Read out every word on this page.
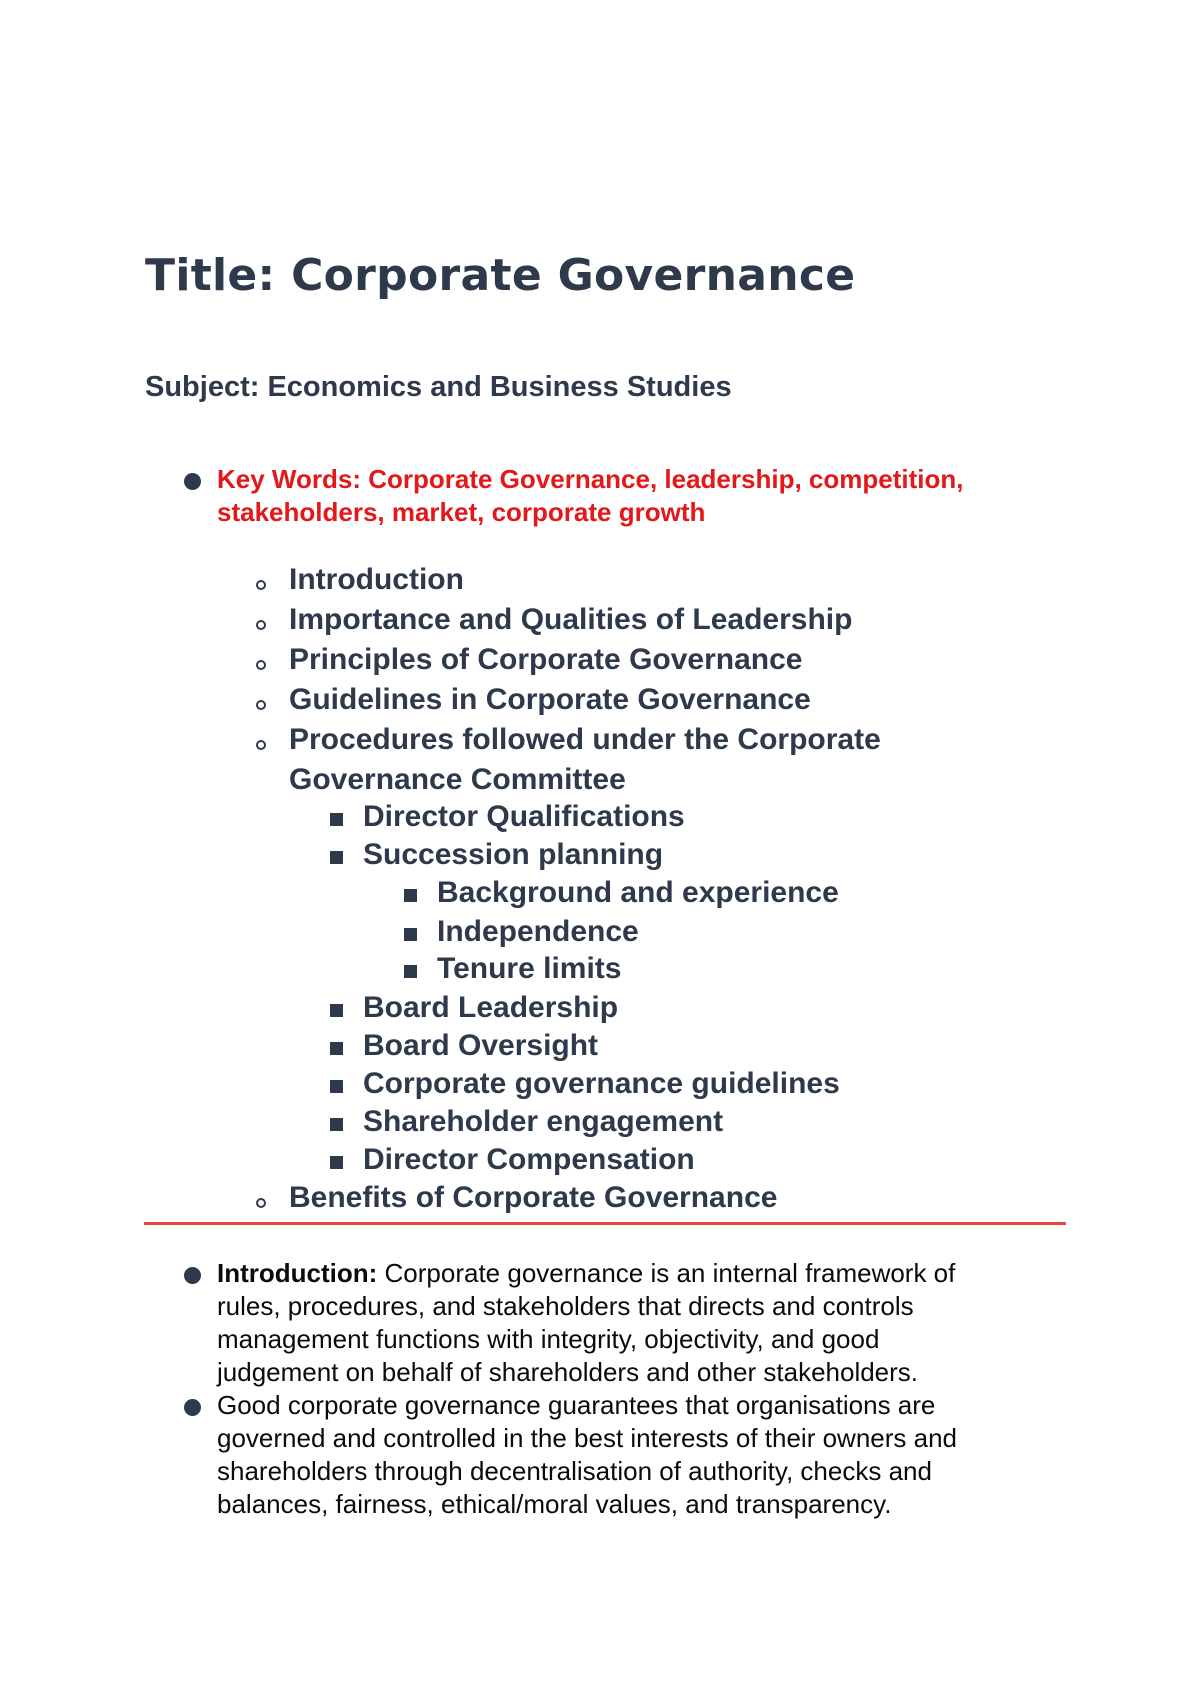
Title: Corporate Governance
Subject: Economics and Business Studies
Key Words: Corporate Governance, leadership, competition,
stakeholders, market, corporate growth
Introduction
Importance and Qualities of Leadership
Principles of Corporate Governance
Guidelines in Corporate Governance
Procedures followed under the Corporate
Governance Committee
Director Qualifications
Succession planning
Background and experience
Independence
Tenure limits
Board Leadership
Board Oversight
Corporate governance guidelines
Shareholder engagement
Director Compensation
Benefits of Corporate Governance
Introduction: Corporate governance is an internal framework of
rules, procedures, and stakeholders that directs and controls
management functions with integrity, objectivity, and good
judgement on behalf of shareholders and other stakeholders.
Good corporate governance guarantees that organisations are
governed and controlled in the best interests of their owners and
shareholders through decentralisation of authority, checks and
balances, fairness, ethical/moral values, and transparency.
